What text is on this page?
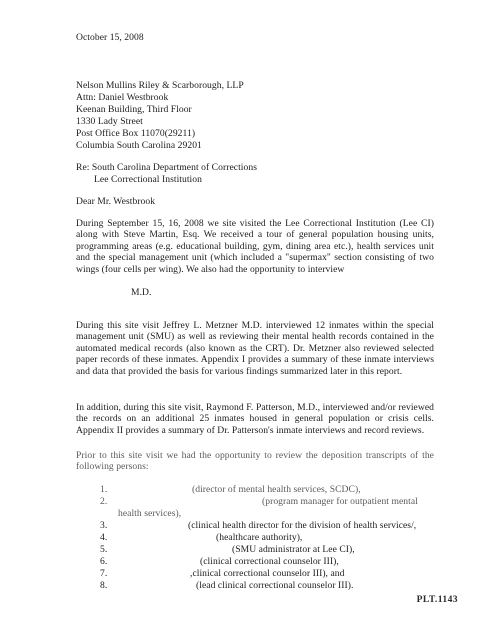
October 15, 2008
Nelson Mullins Riley & Scarborough, LLP
Attn: Daniel Westbrook
Keenan Building, Third Floor
1330 Lady Street
Post Office Box 11070(29211)
Columbia South Carolina 29201
Re: South Carolina Department of Corrections
Lee Correctional Institution
Dear Mr. Westbrook
During September 15, 16, 2008 we site visited the Lee Correctional Institution (Lee CI) along with Steve Martin, Esq. We received a tour of general population housing units, programming areas (e.g. educational building, gym, dining area etc.), health services unit and the special management unit (which included a "supermax" section consisting of two wings (four cells per wing). We also had the opportunity to interview
M.D.
During this site visit Jeffrey L. Metzner M.D. interviewed 12 inmates within the special management unit (SMU) as well as reviewing their mental health records contained in the automated medical records (also known as the CRT). Dr. Metzner also reviewed selected paper records of these inmates. Appendix I provides a summary of these inmate interviews and data that provided the basis for various findings summarized later in this report.
In addition, during this site visit, Raymond F. Patterson, M.D., interviewed and/or reviewed the records on an additional 25 inmates housed in general population or crisis cells. Appendix II provides a summary of Dr. Patterson's inmate interviews and record reviews.
Prior to this site visit we had the opportunity to review the deposition transcripts of the following persons:
1.	(director of mental health services, SCDC),
2.	(program manager for outpatient mental
health services),
3.	(clinical health director for the division of health services/,
4.	(healthcare authority),
5.	(SMU administrator at Lee CI),
6.	(clinical correctional counselor III),
7.	,clinical correctional counselor III), and
8.	(lead clinical correctional counselor III).
PLT.1143
